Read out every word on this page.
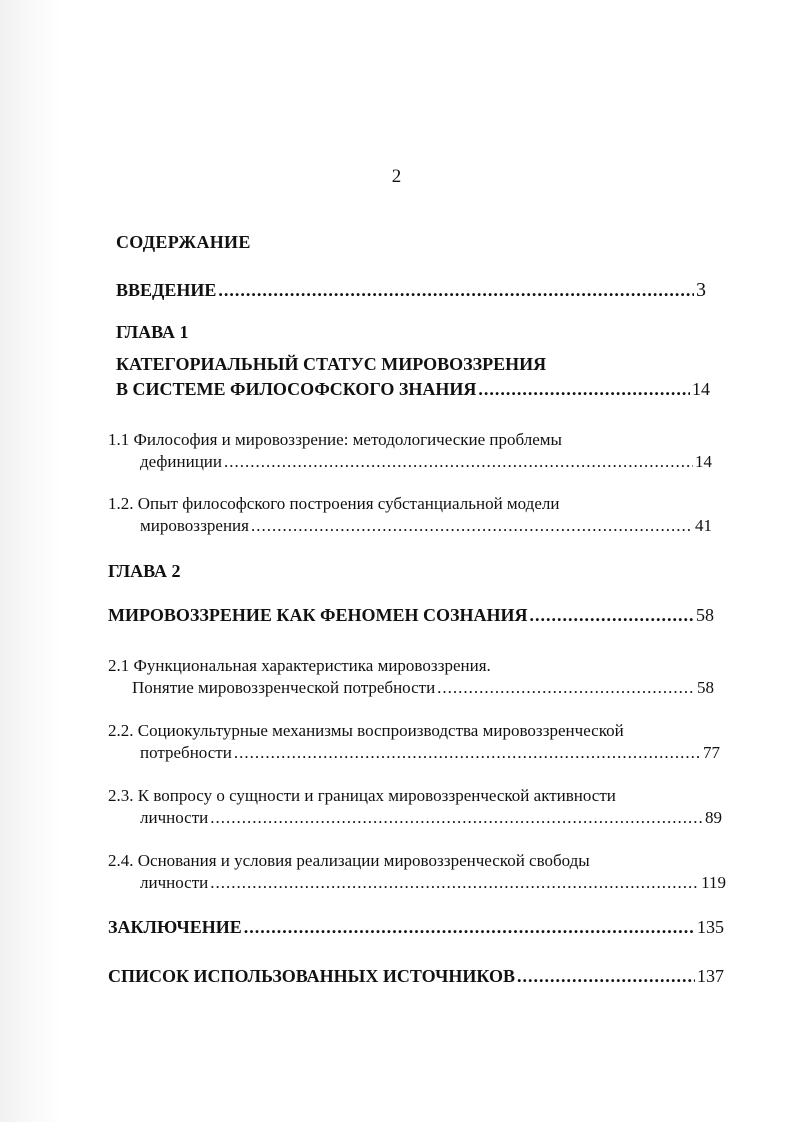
2
СОДЕРЖАНИЕ
ВВЕДЕНИЕ .....	3
ГЛАВА 1
КАТЕГОРИАЛЬНЫЙ СТАТУС МИРОВОЗЗРЕНИЯ
В СИСТЕМЕ ФИЛОСОФСКОГО ЗНАНИЯ .....	14
1.1 Философия и мировоззрение: методологические проблемы
дефиниции .....	14
1.2. Опыт философского построения субстанциальной модели
мировоззрения .....	41
ГЛАВА 2
МИРОВОЗЗРЕНИЕ КАК ФЕНОМЕН СОЗНАНИЯ .....	58
2.1 Функциональная характеристика мировоззрения.
Понятие мировоззренческой потребности .....	58
2.2. Социокультурные механизмы воспроизводства мировоззренческой
потребности .....	77
2.3. К вопросу о сущности и границах мировоззренческой активности
личности .....	89
2.4. Основания и условия реализации мировоззренческой свободы
личности .....	119
ЗАКЛЮЧЕНИЕ .....	135
СПИСОК ИСПОЛЬЗОВАННЫХ ИСТОЧНИКОВ .....	137
